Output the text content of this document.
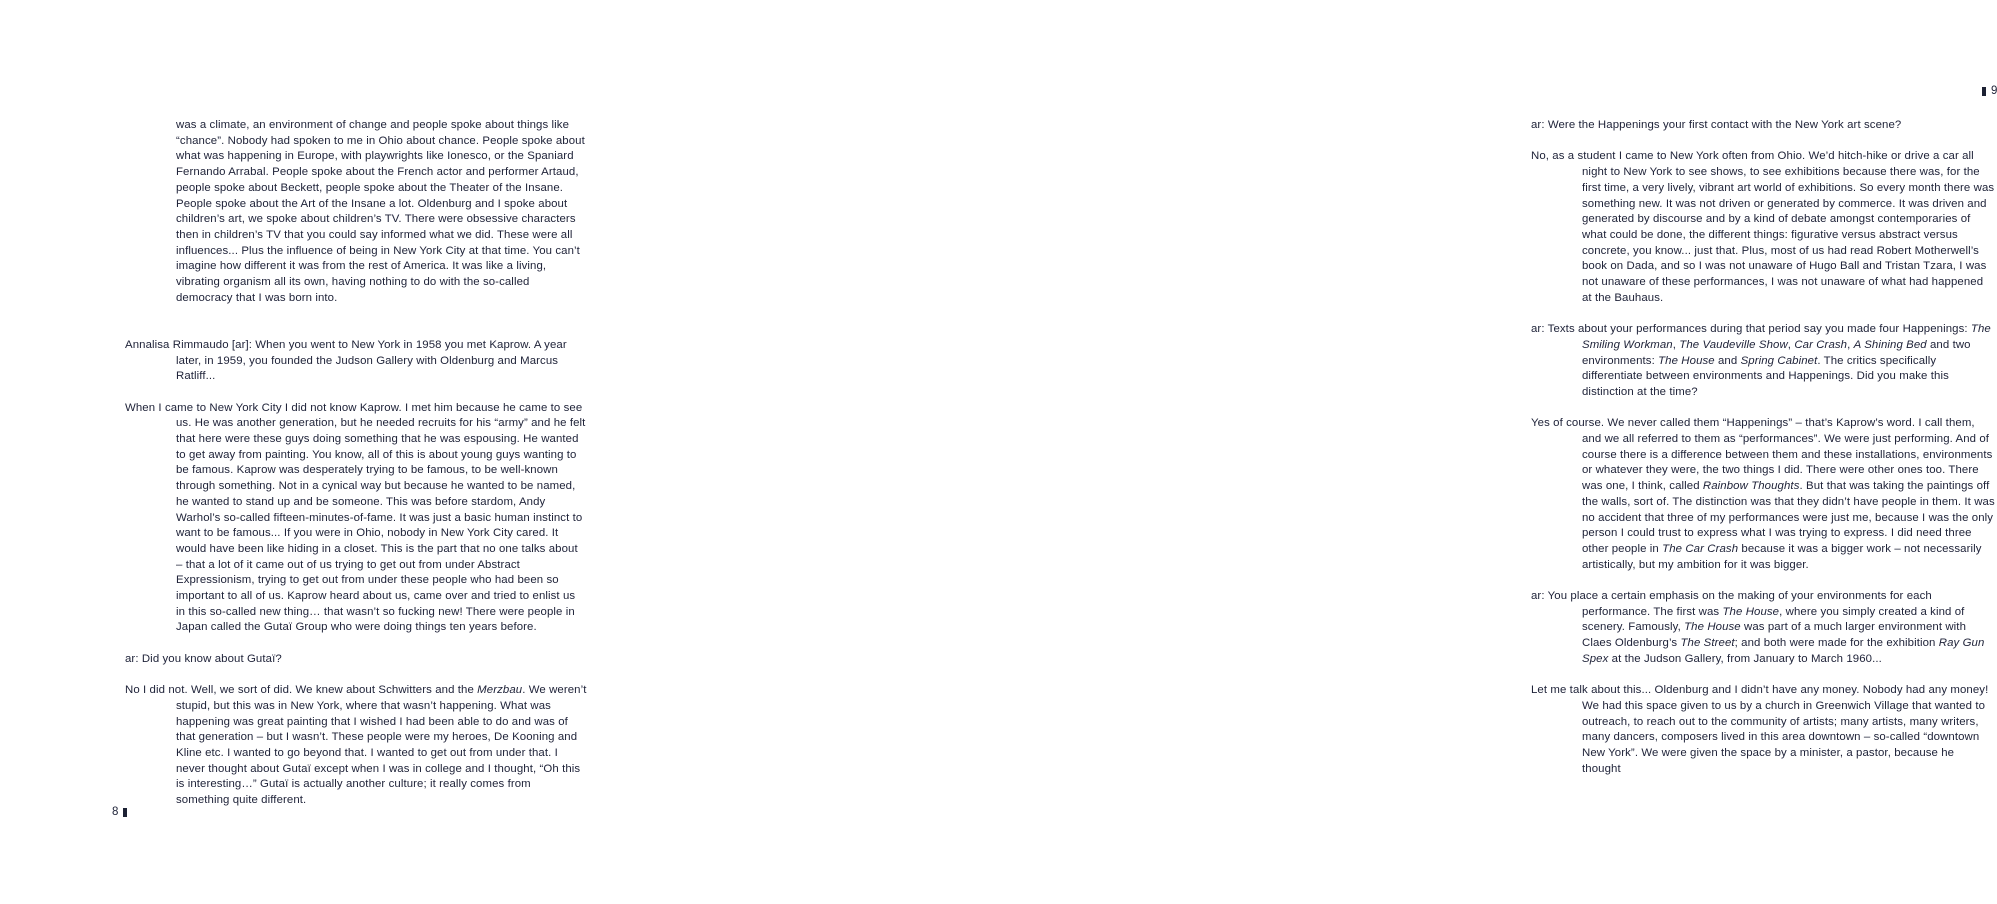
was a climate, an environment of change and people spoke about things like “chance”. Nobody had spoken to me in Ohio about chance. People spoke about what was happening in Europe, with playwrights like Ionesco, or the Spaniard Fernando Arrabal. People spoke about the French actor and performer Artaud, people spoke about Beckett, people spoke about the Theater of the Insane. People spoke about the Art of the Insane a lot. Oldenburg and I spoke about children’s art, we spoke about children’s TV. There were obsessive characters then in children’s TV that you could say informed what we did. These were all influences... Plus the influence of being in New York City at that time. You can’t imagine how different it was from the rest of America. It was like a living, vibrating organism all its own, having nothing to do with the so-called democracy that I was born into.

Annalisa Rimmaudo [ar]: When you went to New York in 1958 you met Kaprow. A year later, in 1959, you founded the Judson Gallery with Oldenburg and Marcus Ratliff...

When I came to New York City I did not know Kaprow. I met him because he came to see us. He was another generation, but he needed recruits for his “army” and he felt that here were these guys doing something that he was espousing. He wanted to get away from painting. You know, all of this is about young guys wanting to be famous. Kaprow was desperately trying to be famous, to be well-known through something. Not in a cynical way but because he wanted to be named, he wanted to stand up and be someone. This was before stardom, Andy Warhol’s so-called fifteen-minutes-of-fame. It was just a basic human instinct to want to be famous... If you were in Ohio, nobody in New York City cared. It would have been like hiding in a closet. This is the part that no one talks about – that a lot of it came out of us trying to get out from under Abstract Expressionism, trying to get out from under these people who had been so important to all of us. Kaprow heard about us, came over and tried to enlist us in this so-called new thing… that wasn’t so fucking new! There were people in Japan called the Gutaï Group who were doing things ten years before.

ar: Did you know about Gutaï?

No I did not. Well, we sort of did. We knew about Schwitters and the Merzbau. We weren’t stupid, but this was in New York, where that wasn’t happening. What was happening was great painting that I wished I had been able to do and was of that generation – but I wasn’t. These people were my heroes, De Kooning and Kline etc. I wanted to go beyond that. I wanted to get out from under that. I never thought about Gutaï except when I was in college and I thought, “Oh this is interesting…” Gutaï is actually another culture; it really comes from something quite different.

8
9

ar: Were the Happenings your first contact with the New York art scene?

No, as a student I came to New York often from Ohio. We’d hitch-hike or drive a car all night to New York to see shows, to see exhibitions because there was, for the first time, a very lively, vibrant art world of exhibitions. So every month there was something new. It was not driven or generated by commerce. It was driven and generated by discourse and by a kind of debate amongst contemporaries of what could be done, the different things: figurative versus abstract versus concrete, you know... just that. Plus, most of us had read Robert Motherwell’s book on Dada, and so I was not unaware of Hugo Ball and Tristan Tzara, I was not unaware of these performances, I was not unaware of what had happened at the Bauhaus.

ar: Texts about your performances during that period say you made four Happenings: The Smiling Workman, The Vaudeville Show, Car Crash, A Shining Bed and two environments: The House and Spring Cabinet. The critics specifically differentiate between environments and Happenings. Did you make this distinction at the time?

Yes of course. We never called them “Happenings” – that’s Kaprow’s word. I call them, and we all referred to them as “performances”. We were just performing. And of course there is a difference between them and these installations, environments or whatever they were, the two things I did. There were other ones too. There was one, I think, called Rainbow Thoughts. But that was taking the paintings off the walls, sort of. The distinction was that they didn’t have people in them. It was no accident that three of my performances were just me, because I was the only person I could trust to express what I was trying to express. I did need three other people in The Car Crash because it was a bigger work – not necessarily artistically, but my ambition for it was bigger.

ar: You place a certain emphasis on the making of your environments for each performance. The first was The House, where you simply created a kind of scenery. Famously, The House was part of a much larger environment with Claes Oldenburg’s The Street; and both were made for the exhibition Ray Gun Spex at the Judson Gallery, from January to March 1960...

Let me talk about this... Oldenburg and I didn’t have any money. Nobody had any money! We had this space given to us by a church in Greenwich Village that wanted to outreach, to reach out to the community of artists; many artists, many writers, many dancers, composers lived in this area downtown – so-called “downtown New York”. We were given the space by a minister, a pastor, because he thought
